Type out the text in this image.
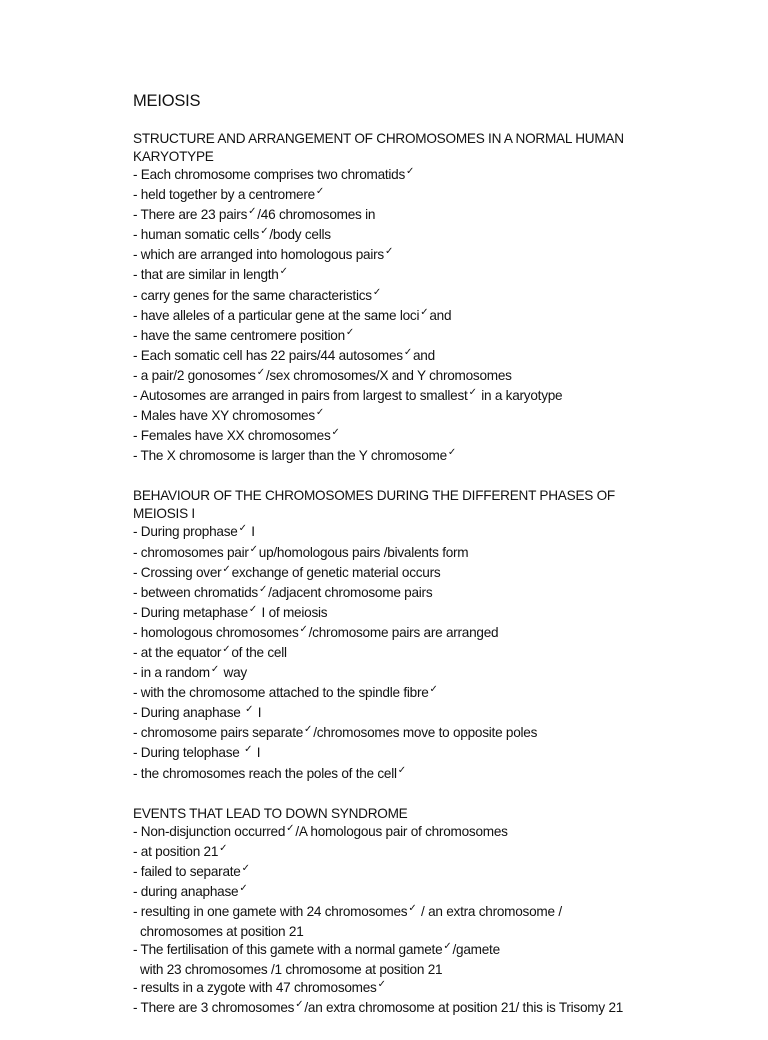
MEIOSIS

STRUCTURE AND ARRANGEMENT OF CHROMOSOMES IN A NORMAL HUMAN

KARYOTYPE

- Each chromosome comprises two chromatids✓

- held together by a centromere✓

- There are 23 pairs✓/46 chromosomes in

- human somatic cells✓/body cells

- which are arranged into homologous pairs✓

- that are similar in length✓

- carry genes for the same characteristics✓

- have alleles of a particular gene at the same loci✓and

- have the same centromere position✓

- Each somatic cell has 22 pairs/44 autosomes✓and

- a pair/2 gonosomes✓/sex chromosomes/X and Y chromosomes

- Autosomes are arranged in pairs from largest to smallest✓ in a karyotype

- Males have XY chromosomes✓

- Females have XX chromosomes✓

- The X chromosome is larger than the Y chromosome✓

BEHAVIOUR OF THE CHROMOSOMES DURING THE DIFFERENT PHASES OF

MEIOSIS I

- During prophase✓ I

- chromosomes pair✓up/homologous pairs /bivalents form

- Crossing over✓exchange of genetic material occurs

- between chromatids✓/adjacent chromosome pairs

- During metaphase✓ I of meiosis

- homologous chromosomes✓/chromosome pairs are arranged

- at the equator✓of the cell

- in a random✓ way

- with the chromosome attached to the spindle fibre✓

- During anaphase ✓ I

- chromosome pairs separate✓/chromosomes move to opposite poles

- During telophase ✓ I

- the chromosomes reach the poles of the cell✓

EVENTS THAT LEAD TO DOWN SYNDROME

- Non-disjunction occurred✓/A homologous pair of chromosomes

- at position 21✓

- failed to separate✓

- during anaphase✓

- resulting in one gamete with 24 chromosomes✓ / an extra chromosome /

chromosomes at position 21

- The fertilisation of this gamete with a normal gamete✓/gamete

with 23 chromosomes /1 chromosome at position 21

- results in a zygote with 47 chromosomes✓

- There are 3 chromosomes✓/an extra chromosome at position 21/ this is Trisomy 21
